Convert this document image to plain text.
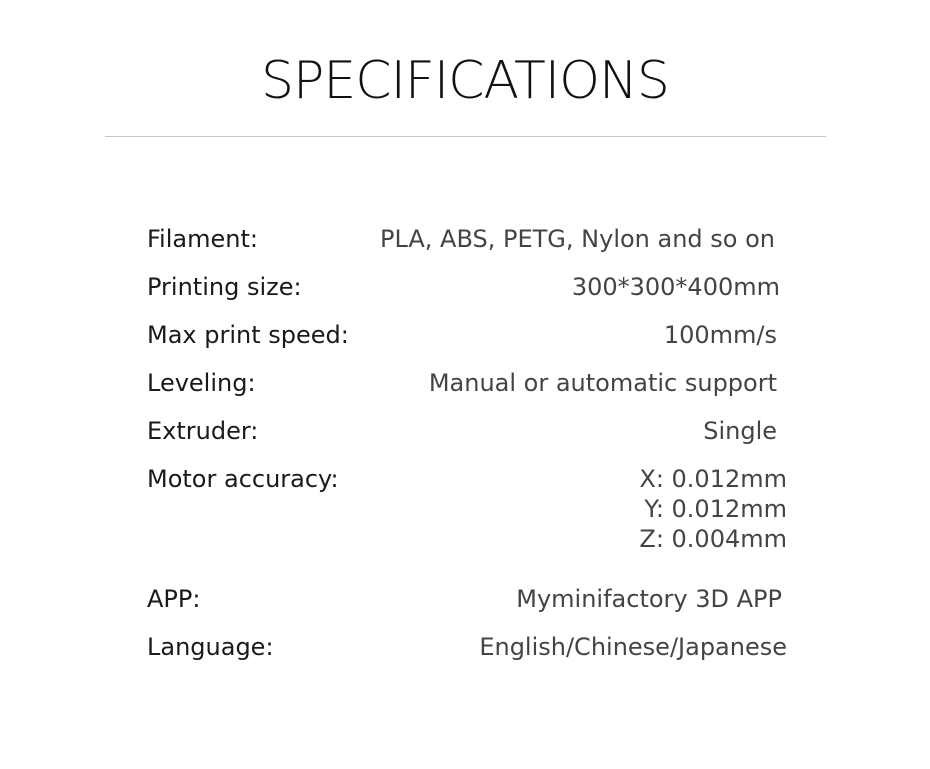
SPECIFICATIONS
Filament:	PLA, ABS, PETG, Nylon and so on
Printing size:	300*300*400mm
Max print speed:	100mm/s
Leveling:	Manual or automatic support
Extruder:	Single
Motor accuracy:	X: 0.012mm
Y: 0.012mm
Z: 0.004mm
APP:	Myminifactory 3D APP
Language:	English/Chinese/Japanese
